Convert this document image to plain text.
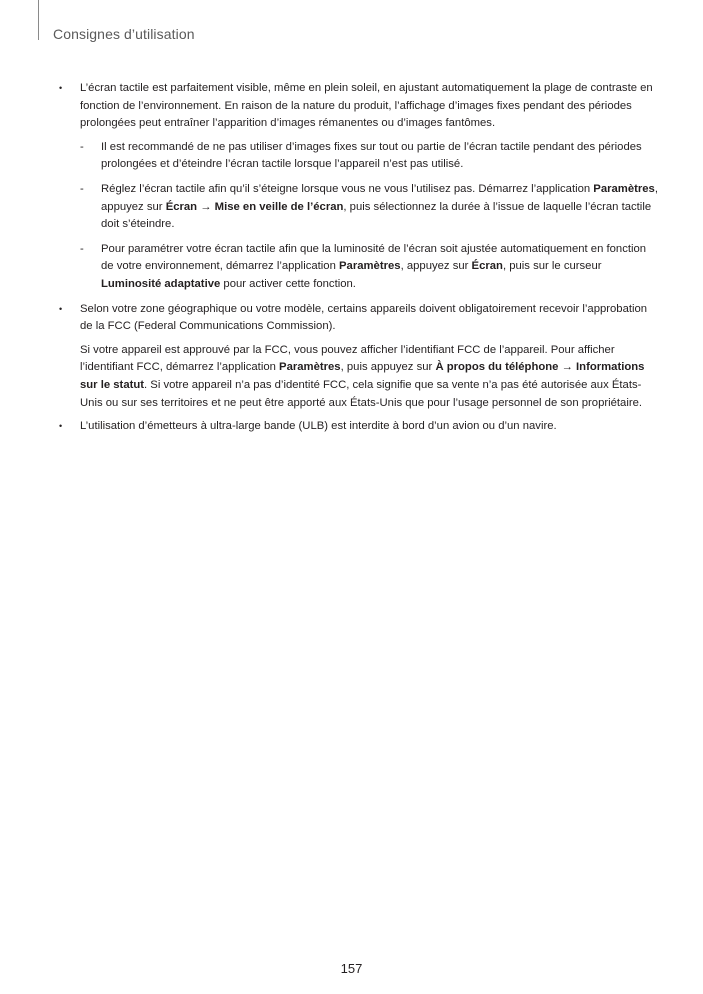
Consignes d’utilisation
•	L’écran tactile est parfaitement visible, même en plein soleil, en ajustant automatiquement la plage de contraste en fonction de l’environnement. En raison de la nature du produit, l’affichage d’images fixes pendant des périodes prolongées peut entraîner l’apparition d’images rémanentes ou d’images fantômes.

-	Il est recommandé de ne pas utiliser d’images fixes sur tout ou partie de l’écran tactile pendant des périodes prolongées et d’éteindre l’écran tactile lorsque l’appareil n’est pas utilisé.
-	Réglez l’écran tactile afin qu’il s’éteigne lorsque vous ne vous l’utilisez pas. Démarrez l’application Paramètres, appuyez sur Écran → Mise en veille de l’écran, puis sélectionnez la durée à l’issue de laquelle l’écran tactile doit s’éteindre.
-	Pour paramétrer votre écran tactile afin que la luminosité de l’écran soit ajustée automatiquement en fonction de votre environnement, démarrez l’application Paramètres, appuyez sur Écran, puis sur le curseur Luminosité adaptative pour activer cette fonction.
•	Selon votre zone géographique ou votre modèle, certains appareils doivent obligatoirement recevoir l’approbation de la FCC (Federal Communications Commission).

Si votre appareil est approuvé par la FCC, vous pouvez afficher l’identifiant FCC de l’appareil. Pour afficher l’identifiant FCC, démarrez l’application Paramètres, puis appuyez sur À propos du téléphone → Informations sur le statut. Si votre appareil n’a pas d’identité FCC, cela signifie que sa vente n’a pas été autorisée aux États-Unis ou sur ses territoires et ne peut être apporté aux États-Unis que pour l’usage personnel de son propriétaire.

•	L’utilisation d’émetteurs à ultra-large bande (ULB) est interdite à bord d’un avion ou d’un navire.

157
